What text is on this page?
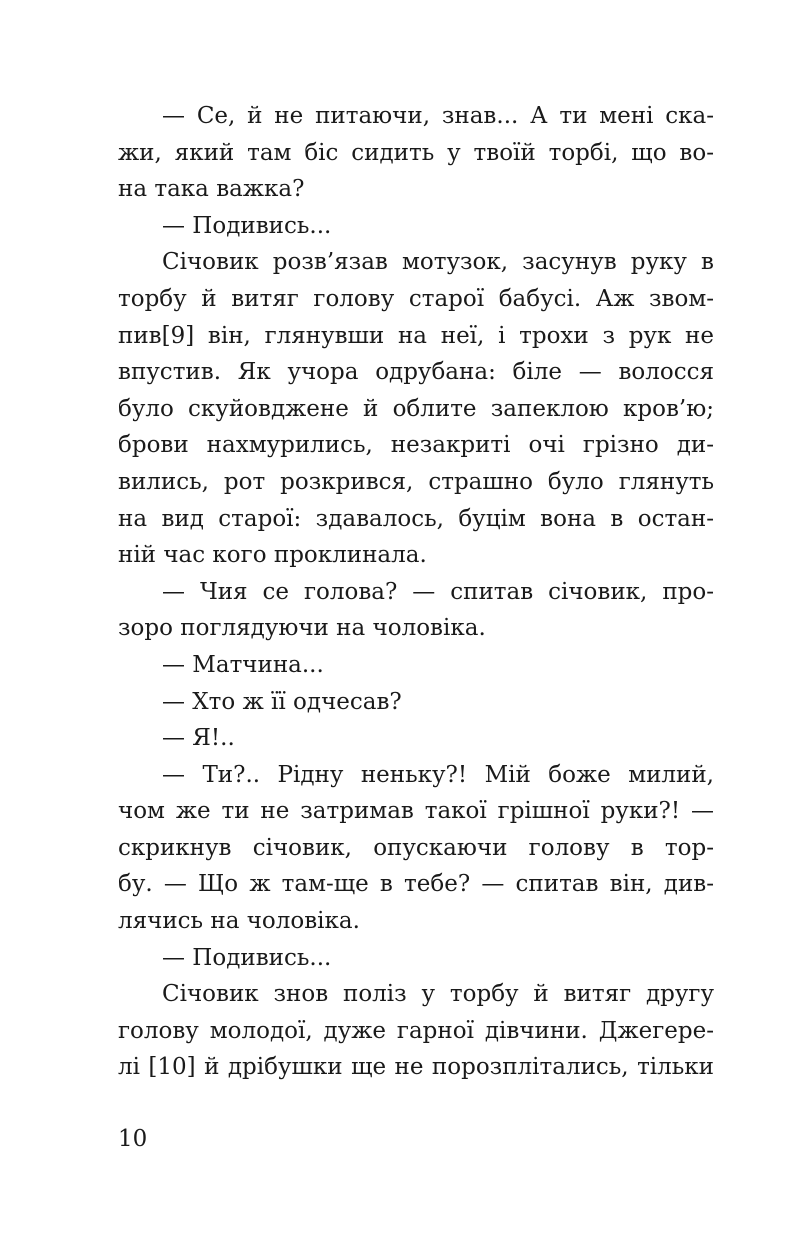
— Се, й не питаючи, знав... А ти мені ска-
жи, який там біс сидить у твоїй торбі, що во-
на така важка?
— Подивись...
Січовик розв’язав мотузок, засунув руку в
торбу й витяг голову старої бабусі. Аж звом-
пив[9] він, глянувши на неї, і трохи з рук не
впустив. Як учора одрубана: біле — волосся
було скуйовджене й облите запеклою кров’ю;
брови нахмурились, незакриті очі грізно ди-
вились, рот розкрився, страшно було глянуть
на вид старої: здавалось, буцім вона в остан-
ній час кого проклинала.
— Чия се голова? — спитав січовик, про-
зоро поглядуючи на чоловіка.
— Матчина...
— Хто ж її одчесав?
— Я!..
— Ти?.. Рідну неньку?! Мій боже милий,
чом же ти не затримав такої грішної руки?! —
скрикнув січовик, опускаючи голову в тор-
бу. — Що ж там-ще в тебе? — спитав він, див-
лячись на чоловіка.
— Подивись...
Січовик знов поліз у торбу й витяг другу
голову молодої, дуже гарної дівчини. Джегере-
лі [10] й дрібушки ще не порозплітались, тільки
10
